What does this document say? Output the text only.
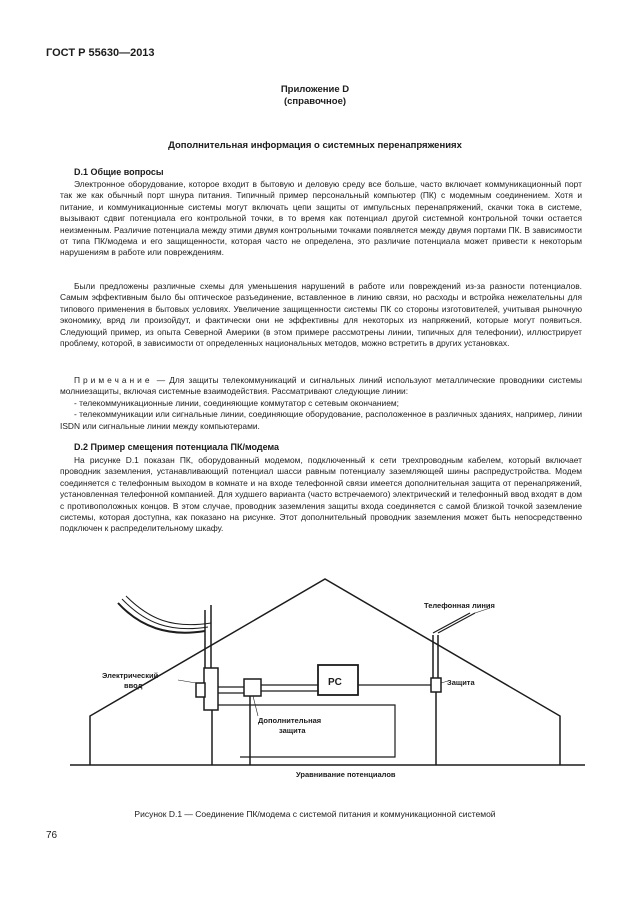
ГОСТ Р 55630—2013
Приложение D
(справочное)
Дополнительная информация о системных перенапряжениях
D.1 Общие вопросы

Электронное оборудование, которое входит в бытовую и деловую среду все больше, часто включает коммуникационный порт так же как обычный порт шнура питания. Типичный пример персональный компьютер (ПК) с модемным соединением. Хотя и питание, и коммуникационные системы могут включать цепи защиты от импульсных перенапряжений, скачки тока в системе, вызывают сдвиг потенциала его контрольной точки, в то время как потенциал другой системной контрольной точки остается неизменным. Различие потенциала между этими двумя контрольными точками появляется между двумя портами ПК. В зависимости от типа ПК/модема и его защищенности, которая часто не определена, это различие потенциала может привести к некоторым нарушениям в работе или повреждениям.

Были предложены различные схемы для уменьшения нарушений в работе или повреждений из-за разности потенциалов. Самым эффективным было бы оптическое разъединение, вставленное в линию связи, но расходы и встройка нежелательны для типового применения в бытовых условиях. Увеличение защищенности системы ПК со стороны изготовителей, учитывая рыночную экономику, вряд ли произойдут, и фактически они не эффективны для некоторых из напряжений, которые могут появиться. Следующий пример, из опыта Северной Америки (в этом примере рассмотрены линии, типичных для телефонии), иллюстрирует проблему, которой, в зависимости от определенных национальных методов, можно встретить в других установках.

Примечание — Для защиты телекоммуникаций и сигнальных линий используют металлические проводники системы молниезащиты, включая системные взаимодействия. Рассматривают следующие линии:
- телекоммуникационные линии, соединяющие коммутатор с сетевым окончанием;
- телекоммуникации или сигнальные линии, соединяющие оборудование, расположенное в различных зданиях, например, линии ISDN или сигнальные линии между компьютерами.
D.2 Пример смещения потенциала ПК/модема

На рисунке D.1 показан ПК, оборудованный модемом, подключенный к сети трехпроводным кабелем, который включает проводник заземления, устанавливающий потенциал шасси равным потенциалу заземляющей шины распредустройства. Модем соединяется с телефонным выходом в комнате и на входе телефонной связи имеется дополнительная защита от перенапряжений, установленная телефонной компанией. Для худшего варианта (часто встречаемого) электрический и телефонный ввод входят в дом с противоположных концов. В этом случае, проводник заземления защиты входа соединяется с самой близкой точкой заземление системы, которая доступна, как показано на рисунке. Этот дополнительный проводник заземления может быть непосредственно подключен к распределительному шкафу.

Телефонная линия
Электрический
ввод	PC	Защита
Дополнительная
защита
Уравнивание потенциалов
Рисунок D.1 — Соединение ПК/модема с системой питания и коммуникационной системой
76
